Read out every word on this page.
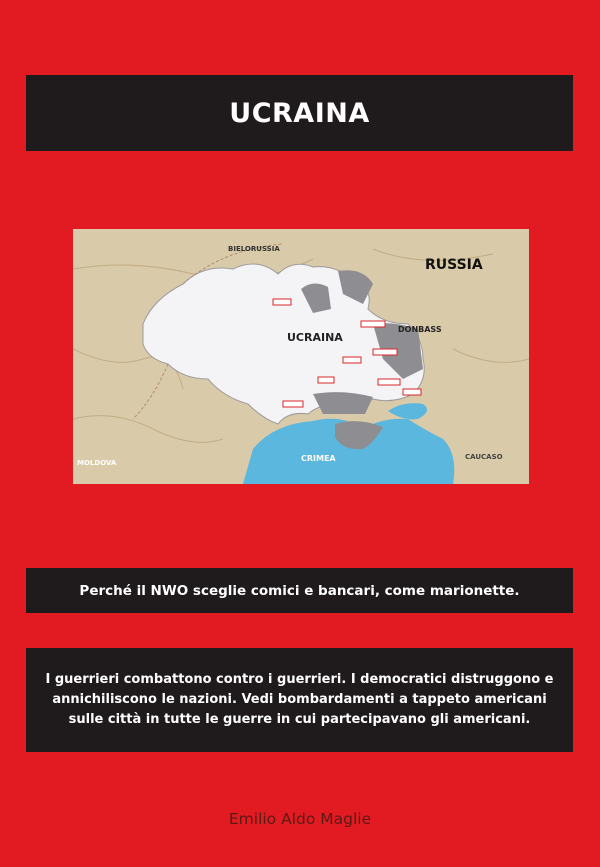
UCRAINA
BIELORUSSIA
RUSSIA
UCRAINA
DONBASS
CRIMEA
MOLDOVA
CAUCASO
Perché il NWO sceglie comici e bancari, come marionette.
I guerrieri combattono contro i guerrieri. I democratici distruggono e annichiliscono le nazioni. Vedi bombardamenti a tappeto americani sulle città in tutte le guerre in cui partecipavano gli americani.
Emilio Aldo Maglie
